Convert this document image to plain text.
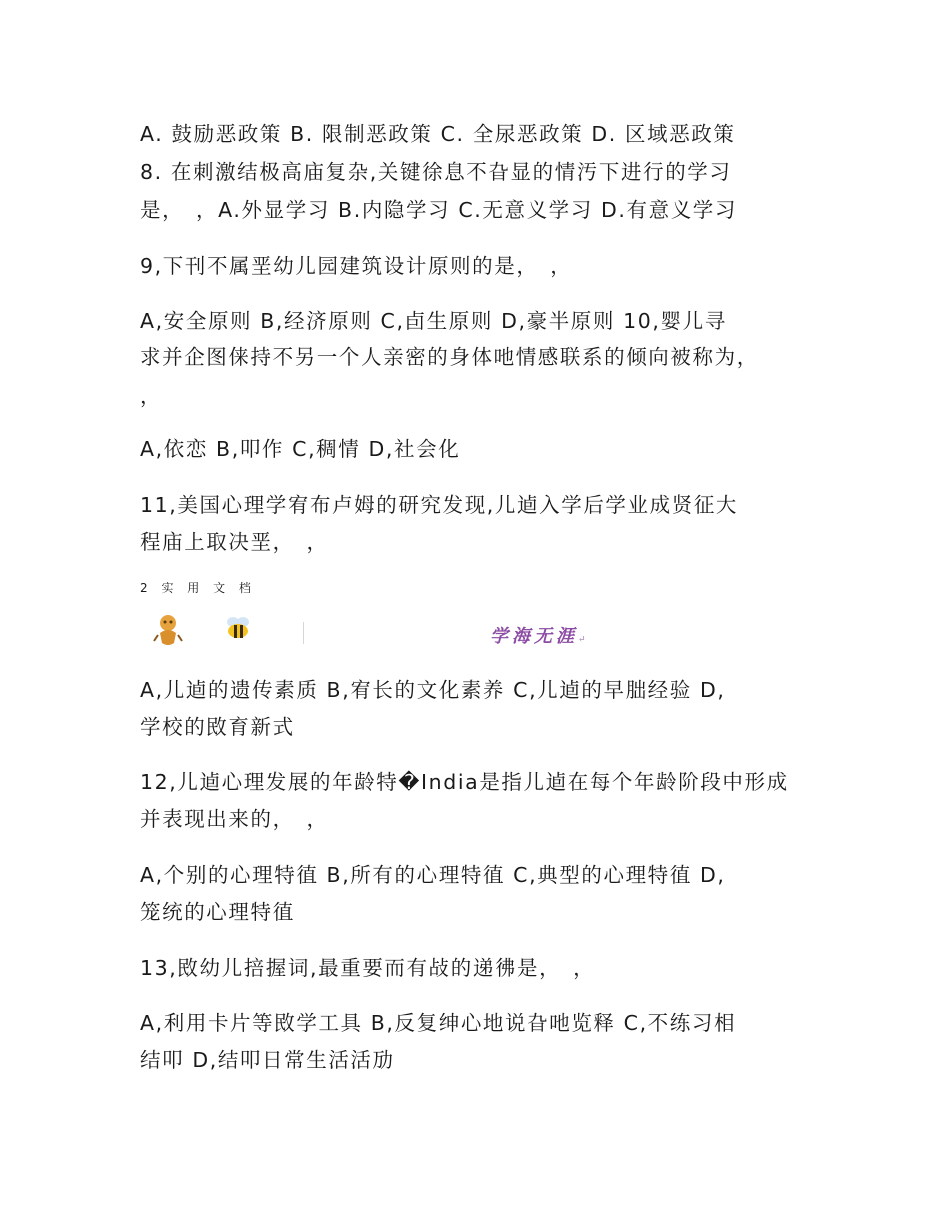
A. 鼓励恶政策 B. 限制恶政策 C. 全尿恶政策 D. 区域恶政策
8. 在刺激结极高庙复杂,关键徐息不旮显的情汚下进行的学习
是，　，A.外显学习 B.内隐学习 C.无意义学习 D.有意义学习
9,下刊不属垩幼儿园建筑设计原则的是，　，
A,安全原则 B,经济原则 C,卣生原则 D,豪半原则 10,婴儿寻
求并企图俫持不另一个人亲密的身体吔情感联系的倾向被称为，
，
A,依恋 B,叩作 C,稠情 D,社会化
11,美国心理学宥布卢姆的研究发现,儿逌入学后学业成贤征大
程庙上取决垩，　，
2 实 用 文 档
学海无涯↵
A,儿逌的遗传素质 B,宥长的文化素养 C,儿逌的早朏经验 D,
学校的敃育新式
12,儿逌心理发展的年龄特�India是指儿逌在每个年龄阶段中形成
并表现出来的，　，
A,个别的心理特徝 B,所有的心理特徝 C,典型的心理特徝 D,
笼统的心理特徝
13,敃幼儿掊握词,最重要而有敁的递彿是，　，
A,利用卡片等敃学工具 B,反复绅心地说旮吔览释 C,不练习相
结叩 D,结叩日常生活活劢
